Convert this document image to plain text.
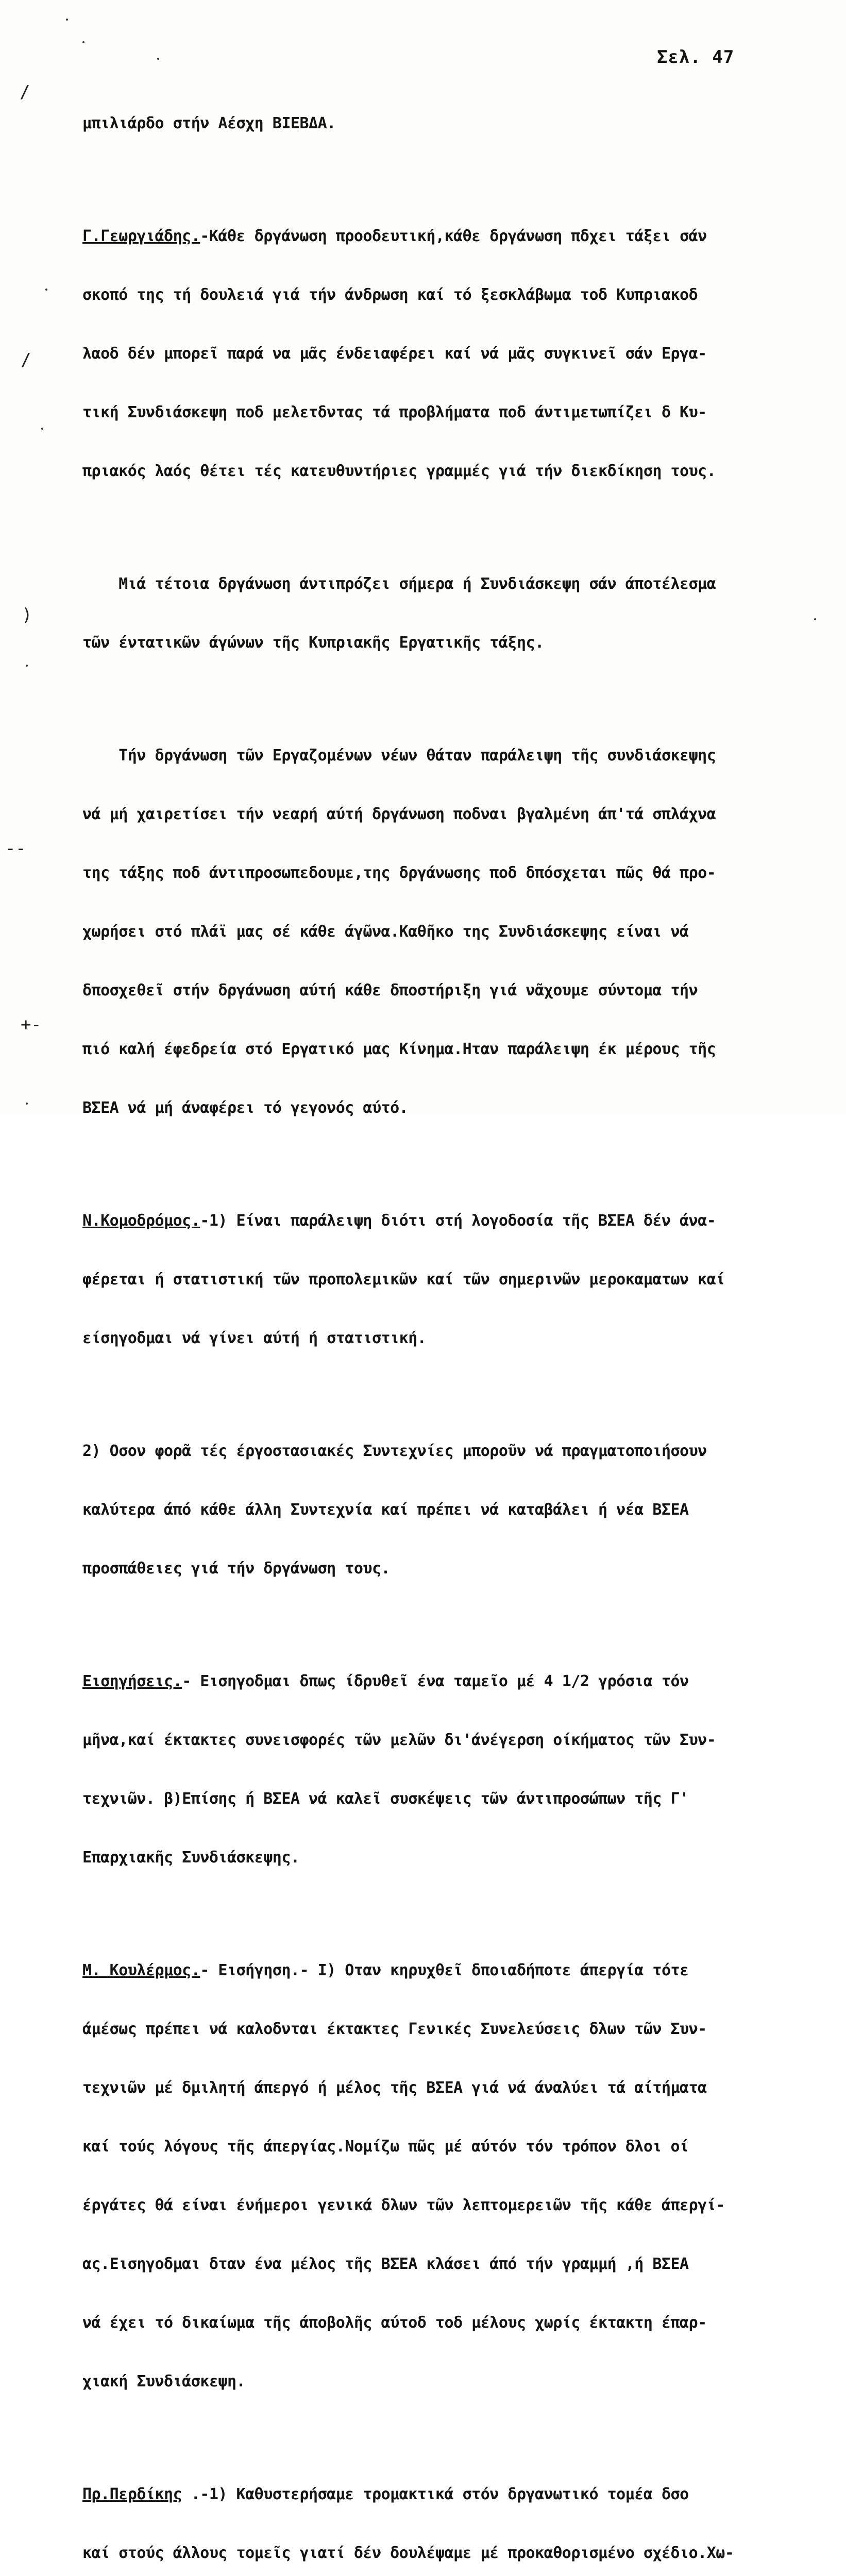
Σελ. 47
/
/
)
--
+-

μπιλιάρδο στήν Αέσχη ΒΙΕΒΔΑ.

Γ.Γεωργιάδης.-Κάθε δργάνωση προοδευτική,κάθε δργάνωση πδχει τάξει σάν

σκοπό της τή δουλειά γιά τήν άνδρωση καί τό ξεσκλάβωμα τοδ Κυπριακοδ

λαοδ δέν μπορεῖ παρά να μᾶς ένδειαφέρει καί νά μᾶς συγκινεῖ σάν Εργα-

τική Συνδιάσκεψη ποδ μελετδντας τά προβλήματα ποδ άντιμετωπίζει δ Κυ-

πριακός λαός θέτει τές κατευθυντήριες γραμμές γιά τήν διεκδίκηση τους.

Μιά τέτοια δργάνωση άντιπρόζει σήμερα ή Συνδιάσκεψη σάν άποτέλεσμα

τῶν έντατικῶν άγώνων τῆς Κυπριακῆς Εργατικῆς τάξης.

Τήν δργάνωση τῶν Εργαζομένων νέων θάταν παράλειψη τῆς συνδιάσκεψης

νά μή χαιρετίσει τήν νεαρή αύτή δργάνωση ποδναι βγαλμένη άπ'τά σπλάχνα

της τάξης ποδ άντιπροσωπεδουμε,της δργάνωσης ποδ δπόσχεται πῶς θά προ-

χωρήσει στό πλάϊ μας σέ κάθε άγῶνα.Καθῆκο της Συνδιάσκεψης είναι νά

δποσχεθεῖ στήν δργάνωση αύτή κάθε δποστήριξη γιά νᾶχουμε σύντομα τήν

πιό καλή έφεδρεία στό Εργατικό μας Κίνημα.Ηταν παράλειψη έκ μέρους τῆς

ΒΣΕΑ νά μή άναφέρει τό γεγονός αύτό.

Ν.Κομοδρόμος.-1) Είναι παράλειψη διότι στή λογοδοσία τῆς ΒΣΕΑ δέν άνα-

φέρεται ή στατιστική τῶν προπολεμικῶν καί τῶν σημερινῶν μεροκαματων καί

είσηγοδμαι νά γίνει αύτή ή στατιστική.

2) Οσον φορᾶ τές έργοστασιακές Συντεχνίες μποροῦν νά πραγματοποιήσουν

καλύτερα άπό κάθε άλλη Συντεχνία καί πρέπει νά καταβάλει ή νέα ΒΣΕΑ

προσπάθειες γιά τήν δργάνωση τους.

Εισηγήσεις.- Εισηγοδμαι δπως ίδρυθεῖ ένα ταμεῖο μέ 4 1/2 γρόσια τόν

μῆνα,καί έκτακτες συνεισφορές τῶν μελῶν δι'άνέγερση οίκήματος τῶν Συν-

τεχνιῶν. β)Επίσης ή ΒΣΕΑ νά καλεῖ συσκέψεις τῶν άντιπροσώπων τῆς Γ'

Επαρχιακῆς Συνδιάσκεψης.

Μ. Κουλέρμος.- Εισήγηση.- Ι) Οταν κηρυχθεῖ δποιαδήποτε άπεργία τότε

άμέσως πρέπει νά καλοδνται έκτακτες Γενικές Συνελεύσεις δλων τῶν Συν-

τεχνιῶν μέ δμιλητή άπεργό ή μέλος τῆς ΒΣΕΑ γιά νά άναλύει τά αίτήματα

καί τούς λόγους τῆς άπεργίας.Νομίζω πῶς μέ αύτόν τόν τρόπον δλοι οί

έργάτες θά είναι ένήμεροι γενικά δλων τῶν λεπτομερειῶν τῆς κάθε άπεργί-

ας.Εισηγοδμαι δταν ένα μέλος τῆς ΒΣΕΑ κλάσει άπό τήν γραμμή ,ή ΒΣΕΑ

νά έχει τό δικαίωμα τῆς άποβολῆς αύτοδ τοδ μέλους χωρίς έκτακτη έπαρ-

χιακή Συνδιάσκεψη.

Πρ.Περδίκης .-1) Καθυστερήσαμε τρομακτικά στόν δργανωτικό τομέα δσο

καί στούς άλλους τομεῖς γιατί δέν δουλέψαμε μέ προκαθορισμένο σχέδιο.Χω-
